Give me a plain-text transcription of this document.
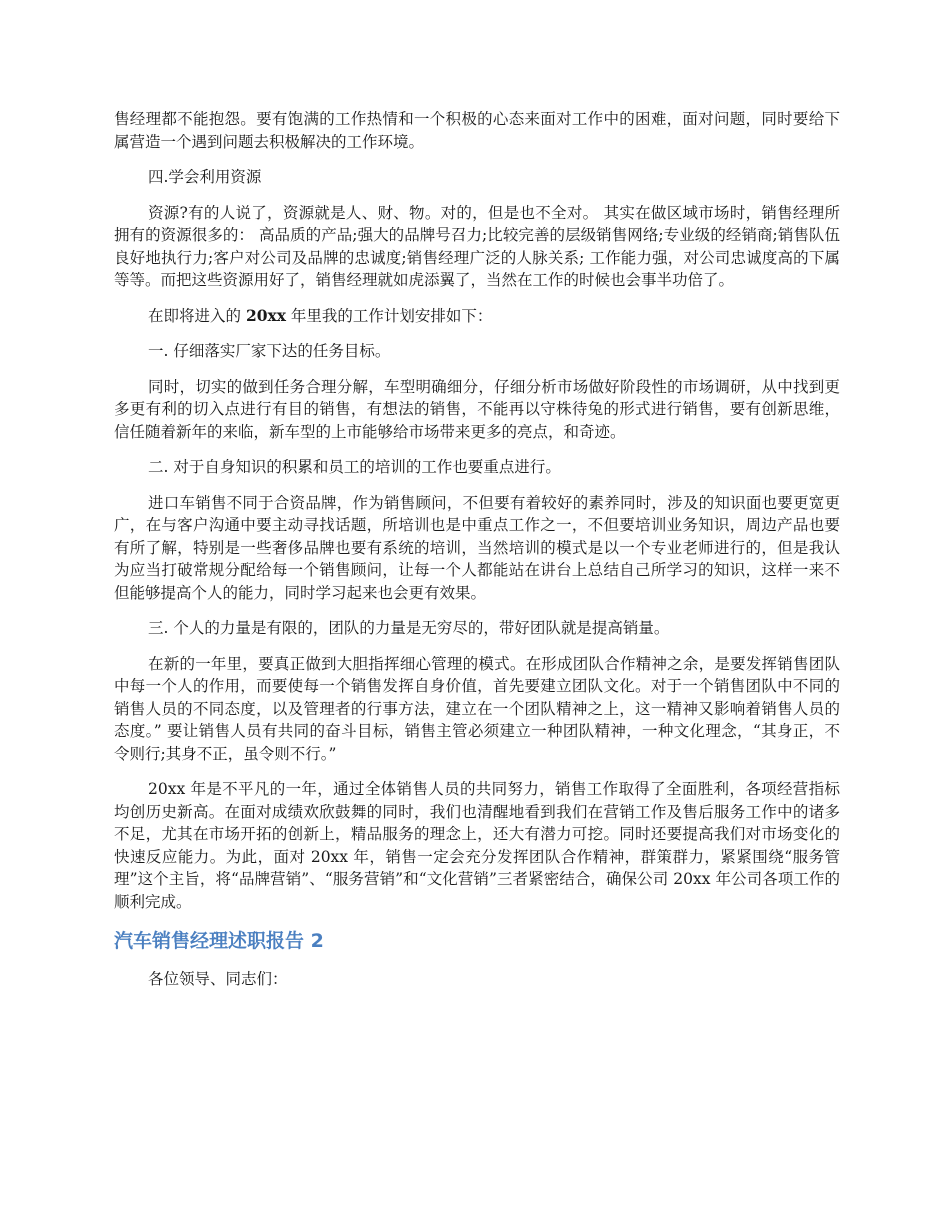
售经理都不能抱怨。要有饱满的工作热情和一个积极的心态来面对工作中的困难，面对问题，同时要给下属营造一个遇到问题去积极解决的工作环境。

四.学会利用资源

资源?有的人说了，资源就是人、财、物。对的，但是也不全对。 其实在做区域市场时，销售经理所拥有的资源很多的： 高品质的产品;强大的品牌号召力;比较完善的层级销售网络;专业级的经销商;销售队伍良好地执行力;客户对公司及品牌的忠诚度;销售经理广泛的人脉关系; 工作能力强，对公司忠诚度高的下属等等。而把这些资源用好了，销售经理就如虎添翼了，当然在工作的时候也会事半功倍了。

在即将进入的 20xx 年里我的工作计划安排如下：

一. 仔细落实厂家下达的任务目标。

同时，切实的做到任务合理分解，车型明确细分，仔细分析市场做好阶段性的市场调研，从中找到更多更有利的切入点进行有目的销售，有想法的销售，不能再以守株待兔的形式进行销售，要有创新思维，信任随着新年的来临，新车型的上市能够给市场带来更多的亮点，和奇迹。

二. 对于自身知识的积累和员工的培训的工作也要重点进行。

进口车销售不同于合资品牌，作为销售顾问，不但要有着较好的素养同时，涉及的知识面也要更宽更广，在与客户沟通中要主动寻找话题，所培训也是中重点工作之一，不但要培训业务知识，周边产品也要有所了解，特别是一些奢侈品牌也要有系统的培训，当然培训的模式是以一个专业老师进行的，但是我认为应当打破常规分配给每一个销售顾问，让每一个人都能站在讲台上总结自己所学习的知识，这样一来不但能够提高个人的能力，同时学习起来也会更有效果。

三. 个人的力量是有限的，团队的力量是无穷尽的，带好团队就是提高销量。

在新的一年里，要真正做到大胆指挥细心管理的模式。在形成团队合作精神之余，是要发挥销售团队中每一个人的作用，而要使每一个销售发挥自身价值，首先要建立团队文化。对于一个销售团队中不同的销售人员的不同态度，以及管理者的行事方法，建立在一个团队精神之上，这一精神又影响着销售人员的态度。” 要让销售人员有共同的奋斗目标，销售主管必须建立一种团队精神，一种文化理念，“其身正，不令则行;其身不正，虽令则不行。”

20xx 年是不平凡的一年，通过全体销售人员的共同努力，销售工作取得了全面胜利，各项经营指标均创历史新高。在面对成绩欢欣鼓舞的同时，我们也清醒地看到我们在营销工作及售后服务工作中的诸多不足，尤其在市场开拓的创新上，精品服务的理念上，还大有潜力可挖。同时还要提高我们对市场变化的快速反应能力。为此，面对 20xx 年，销售一定会充分发挥团队合作精神，群策群力，紧紧围绕“服务管理”这个主旨，将“品牌营销”、“服务营销”和“文化营销”三者紧密结合，确保公司 20xx 年公司各项工作的顺利完成。

汽车销售经理述职报告 2

各位领导、同志们：
